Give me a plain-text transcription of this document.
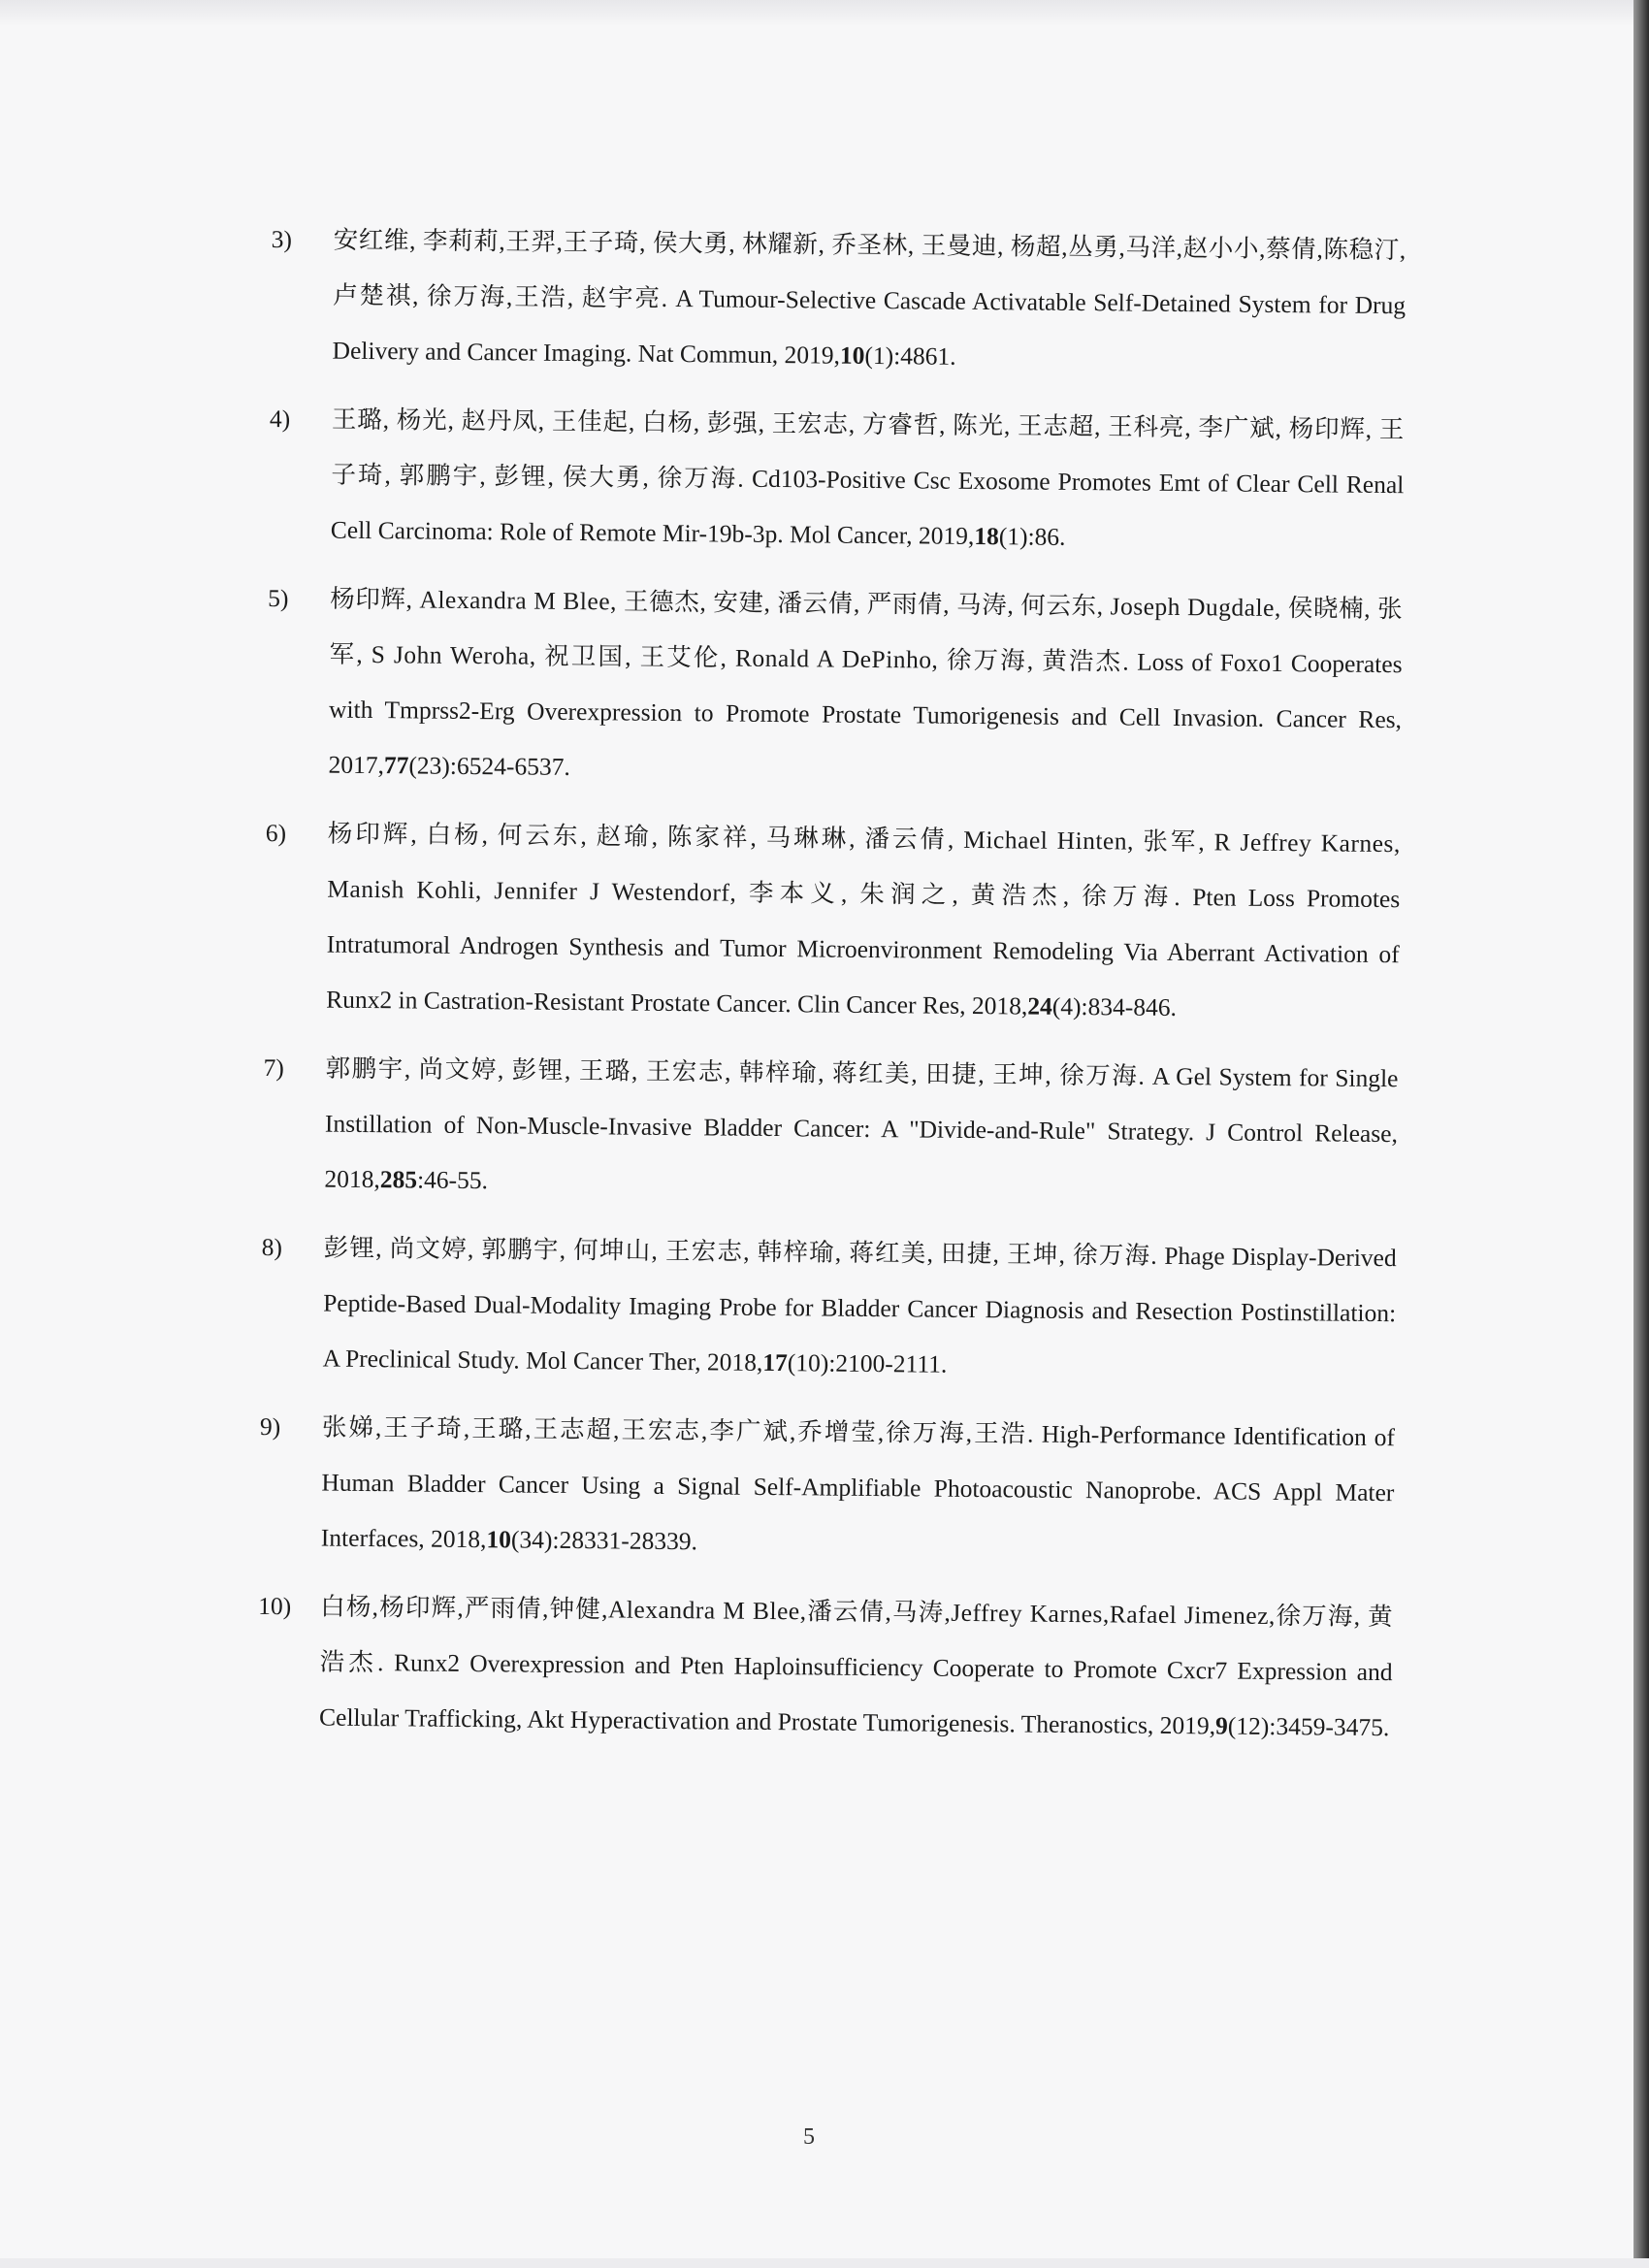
3)	安红维, 李莉莉,王羿,王子琦, 侯大勇, 林耀新, 乔圣林, 王曼迪, 杨超,丛勇,马洋,赵小小,蔡倩,陈稳汀,卢楚祺, 徐万海,王浩, 赵宇亮. A Tumour-Selective Cascade Activatable Self-Detained System for Drug Delivery and Cancer Imaging. Nat Commun, 2019,10(1):4861.
4)	王璐, 杨光, 赵丹凤, 王佳起, 白杨, 彭强, 王宏志, 方睿哲, 陈光, 王志超, 王科亮, 李广斌, 杨印辉, 王子琦, 郭鹏宇, 彭锂, 侯大勇, 徐万海. Cd103-Positive Csc Exosome Promotes Emt of Clear Cell Renal Cell Carcinoma: Role of Remote Mir-19b-3p. Mol Cancer, 2019,18(1):86.
5)	杨印辉, Alexandra M Blee, 王德杰, 安建, 潘云倩, 严雨倩, 马涛, 何云东, Joseph Dugdale, 侯晓楠, 张军, S John Weroha, 祝卫国, 王艾伦, Ronald A DePinho, 徐万海, 黄浩杰. Loss of Foxo1 Cooperates with Tmprss2-Erg Overexpression to Promote Prostate Tumorigenesis and Cell Invasion. Cancer Res, 2017,77(23):6524-6537.
6)	杨印辉, 白杨, 何云东, 赵瑜, 陈家祥, 马琳琳, 潘云倩, Michael Hinten, 张军, R Jeffrey Karnes, Manish Kohli, Jennifer J Westendorf, 李本义, 朱润之, 黄浩杰, 徐万海. Pten Loss Promotes Intratumoral Androgen Synthesis and Tumor Microenvironment Remodeling Via Aberrant Activation of Runx2 in Castration-Resistant Prostate Cancer. Clin Cancer Res, 2018,24(4):834-846.
7)	郭鹏宇, 尚文婷, 彭锂, 王璐, 王宏志, 韩梓瑜, 蒋红美, 田捷, 王坤, 徐万海. A Gel System for Single Instillation of Non-Muscle-Invasive Bladder Cancer: A "Divide-and-Rule" Strategy. J Control Release, 2018,285:46-55.
8)	彭锂, 尚文婷, 郭鹏宇, 何坤山, 王宏志, 韩梓瑜, 蒋红美, 田捷, 王坤, 徐万海. Phage Display-Derived Peptide-Based Dual-Modality Imaging Probe for Bladder Cancer Diagnosis and Resection Postinstillation: A Preclinical Study. Mol Cancer Ther, 2018,17(10):2100-2111.
9)	张娣,王子琦,王璐,王志超,王宏志,李广斌,乔增莹,徐万海,王浩. High-Performance Identification of Human Bladder Cancer Using a Signal Self-Amplifiable Photoacoustic Nanoprobe. ACS Appl Mater Interfaces, 2018,10(34):28331-28339.
10)	白杨,杨印辉,严雨倩,钟健,Alexandra M Blee,潘云倩,马涛,Jeffrey Karnes,Rafael Jimenez,徐万海, 黄浩杰. Runx2 Overexpression and Pten Haploinsufficiency Cooperate to Promote Cxcr7 Expression and Cellular Trafficking, Akt Hyperactivation and Prostate Tumorigenesis. Theranostics, 2019,9(12):3459-3475.
5
